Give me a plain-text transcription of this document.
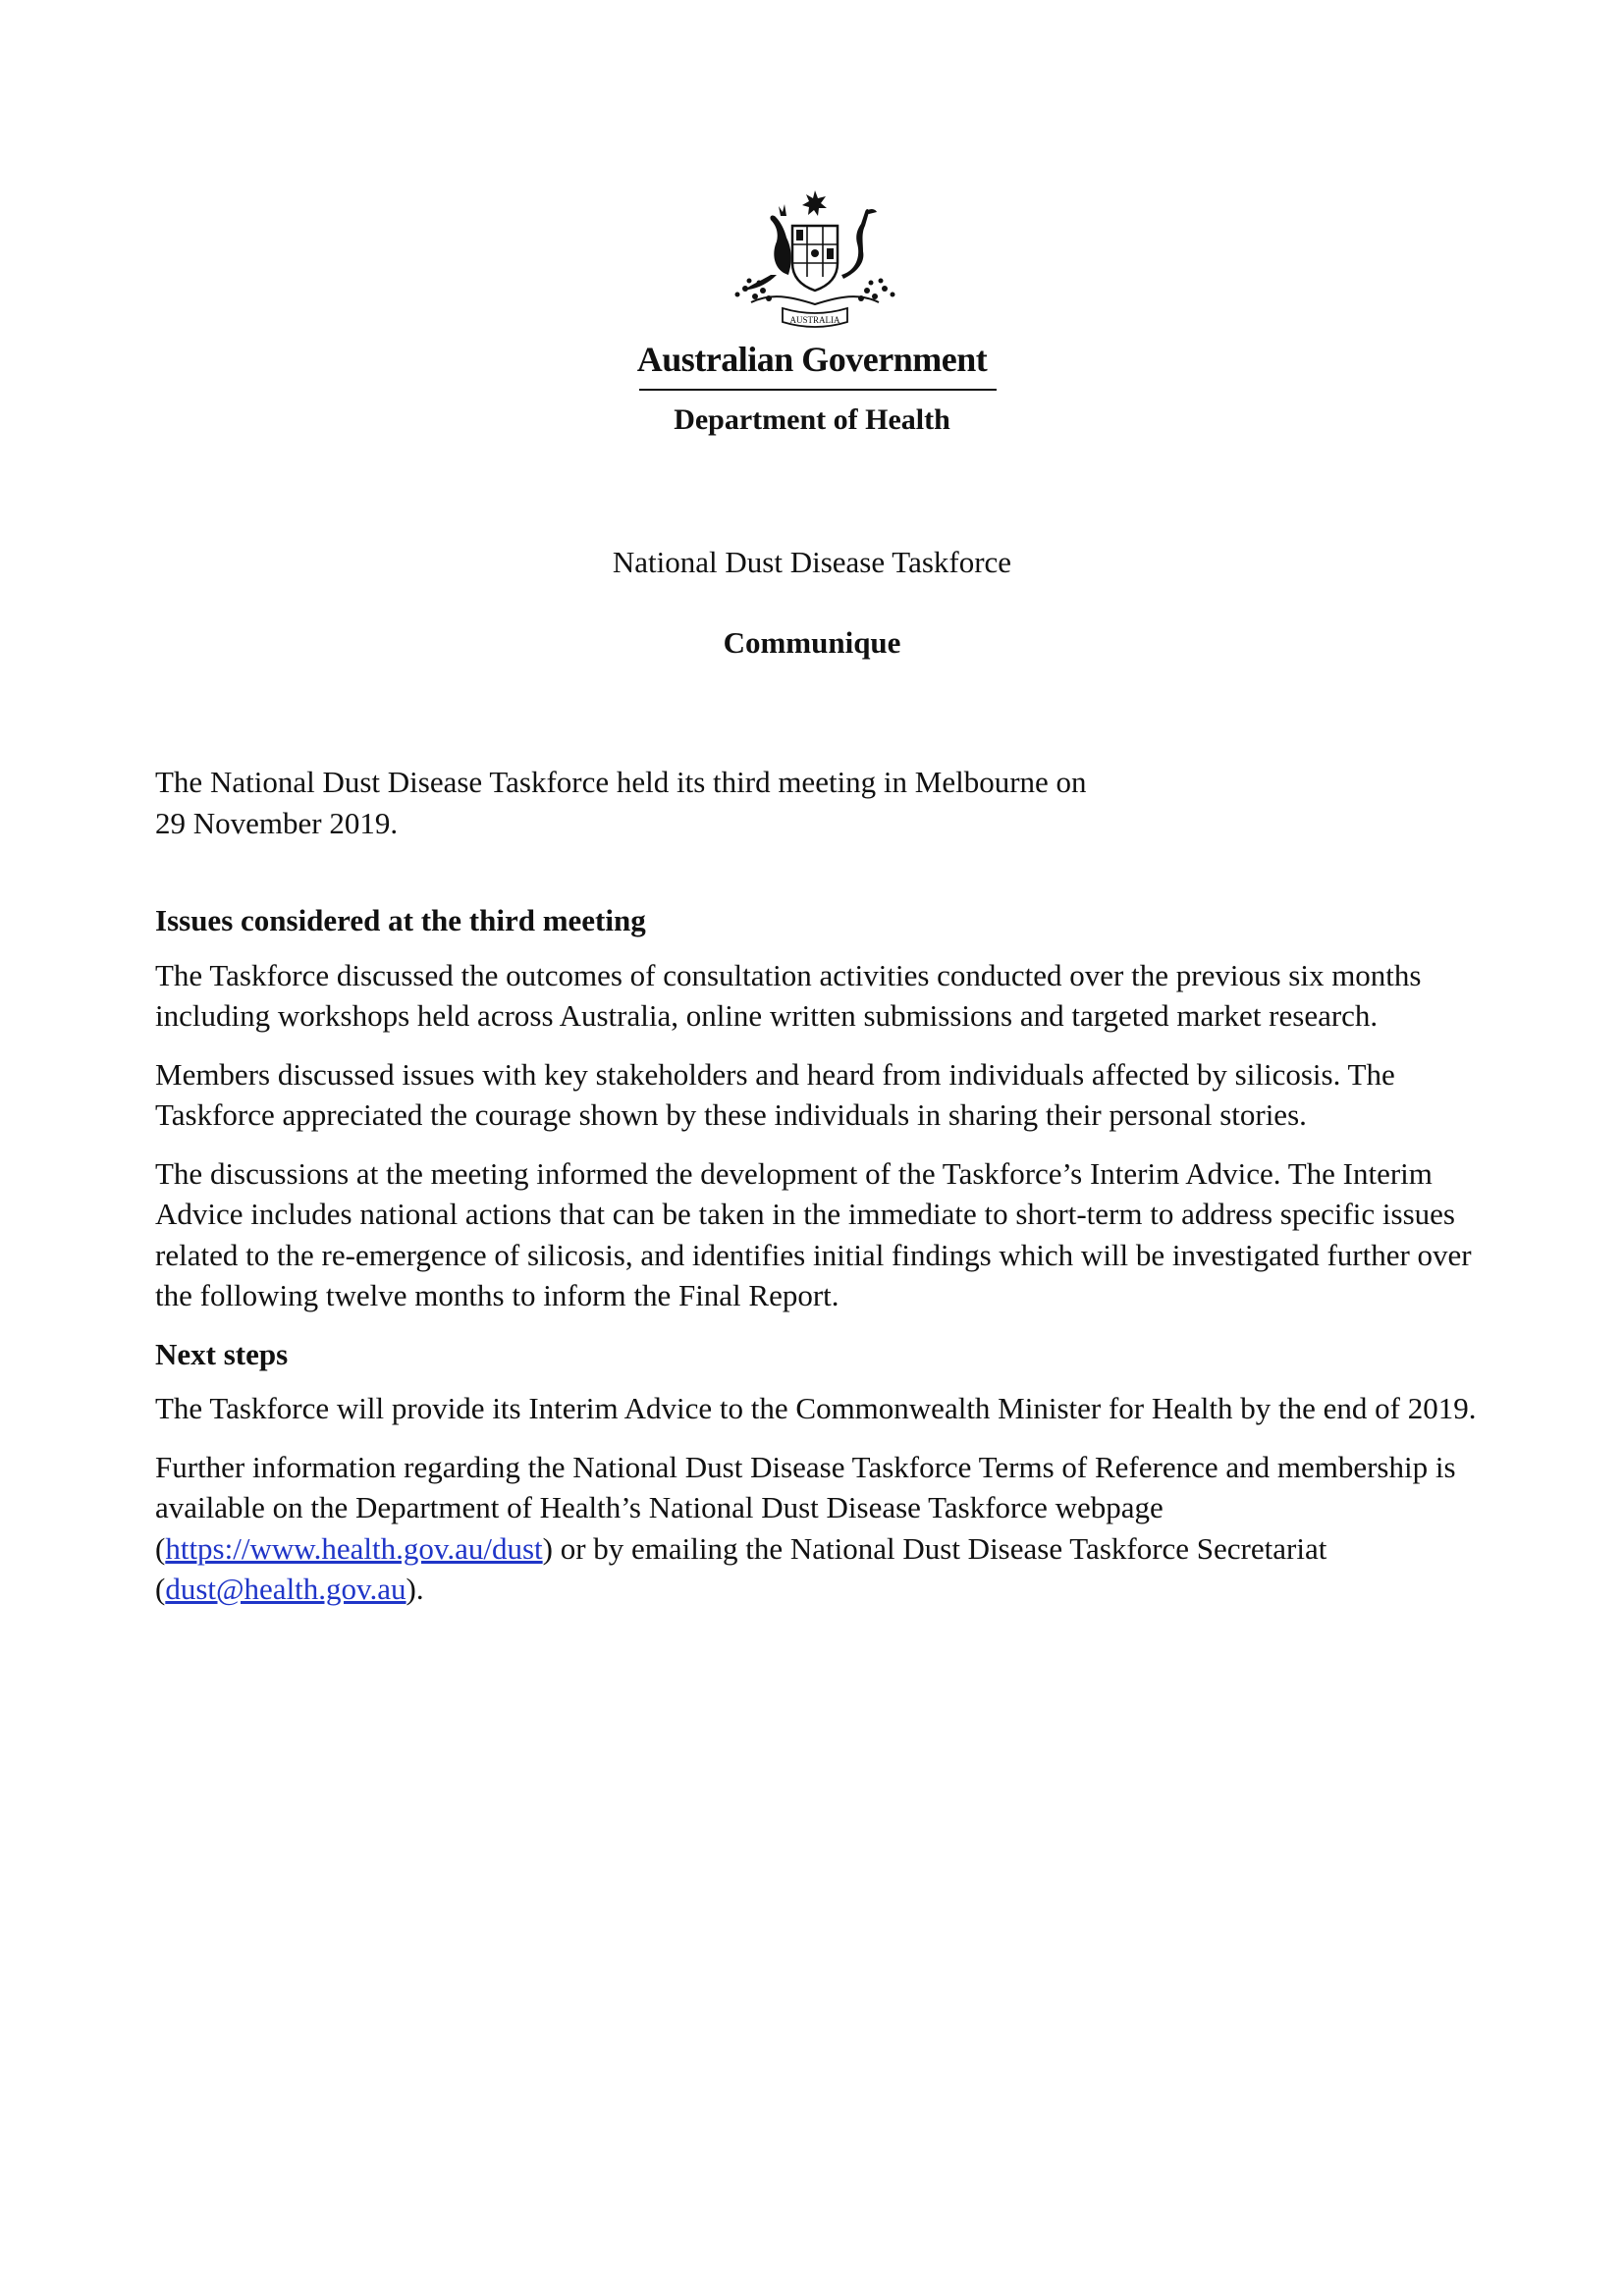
AUSTRALIA
Australian Government
Department of Health
National Dust Disease Taskforce
Communique

The National Dust Disease Taskforce held its third meeting in Melbourne on
29 November 2019.

Issues considered at the third meeting

The Taskforce discussed the outcomes of consultation activities conducted over the previous six months including workshops held across Australia, online written submissions and targeted market research.

Members discussed issues with key stakeholders and heard from individuals affected by silicosis. The Taskforce appreciated the courage shown by these individuals in sharing their personal stories.

The discussions at the meeting informed the development of the Taskforce’s Interim Advice. The Interim Advice includes national actions that can be taken in the immediate to short-term to address specific issues related to the re-emergence of silicosis, and identifies initial findings which will be investigated further over the following twelve months to inform the Final Report.

Next steps

The Taskforce will provide its Interim Advice to the Commonwealth Minister for Health by the end of 2019.

Further information regarding the National Dust Disease Taskforce Terms of Reference and membership is available on the Department of Health’s National Dust Disease Taskforce webpage (https://www.health.gov.au/dust) or by emailing the National Dust Disease Taskforce Secretariat (dust@health.gov.au).
